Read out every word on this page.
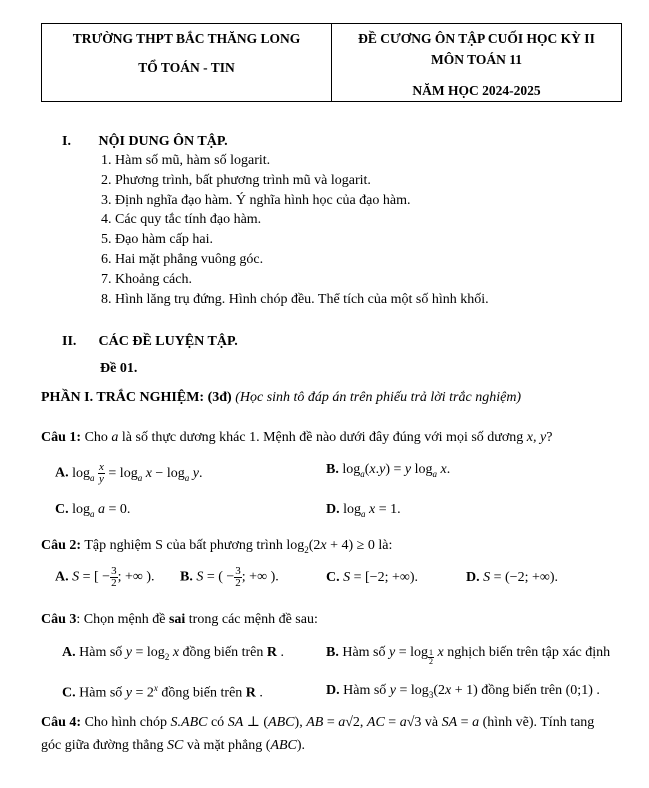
TRƯỜNG THPT BẮC THĂNG LONG
TỔ TOÁN - TIN
ĐỀ CƯƠNG ÔN TẬP CUỐI HỌC KỲ II
MÔN TOÁN 11
NĂM HỌC 2024-2025
I. NỘI DUNG ÔN TẬP.
1. Hàm số mũ, hàm số logarit.
2. Phương trình, bất phương trình mũ và logarit.
3. Định nghĩa đạo hàm. Ý nghĩa hình học của đạo hàm.
4. Các quy tắc tính đạo hàm.
5. Đạo hàm cấp hai.
6. Hai mặt phẳng vuông góc.
7. Khoảng cách.
8. Hình lăng trụ đứng. Hình chóp đều. Thể tích của một số hình khối.
II. CÁC ĐỀ LUYỆN TẬP.
Đề 01.
PHẦN I. TRẮC NGHIỆM: (3đ) (Học sinh tô đáp án trên phiếu trả lời trắc nghiệm)
Câu 1: Cho a là số thực dương khác 1. Mệnh đề nào dưới đây đúng với mọi số dương x, y?
A. $\log_a \frac{x}{y} = \log_a x - \log_a y$.	B. $\log_a(x.y) = y$ $\log_a x$.
C. $\log_a a = 0$.	D. $\log_a x = 1$.
Câu 2: Tập nghiệm S của bất phương trình $\log_2(2x + 4) \ge 0$ là:
A. S = [ − $\frac{3}{2}$ ; +∞ ). B. S = ( − $\frac{3}{2}$ ; +∞ ).	C. S = [−2; +∞).	D. S = (−2; +∞).
Câu 3: Chọn mệnh đề sai trong các mệnh đề sau:
A. Hàm số $y = \log_2 x$ đồng biến trên R .	B. Hàm số y = log $_{\frac{1}{2}}$ x nghịch biến trên tập xác định
C. Hàm số $y = 2^x$ đồng biến trên R .	D. Hàm số $y = \log_3(2x + 1)$ đồng biến trên (0;1) .
Câu 4: Cho hình chóp S.ABC có SA ⊥ (ABC), AB = a√2, AC = a√3 và SA = a (hình vẽ). Tính tang
góc giữa đường thẳng SC và mặt phẳng (ABC).
